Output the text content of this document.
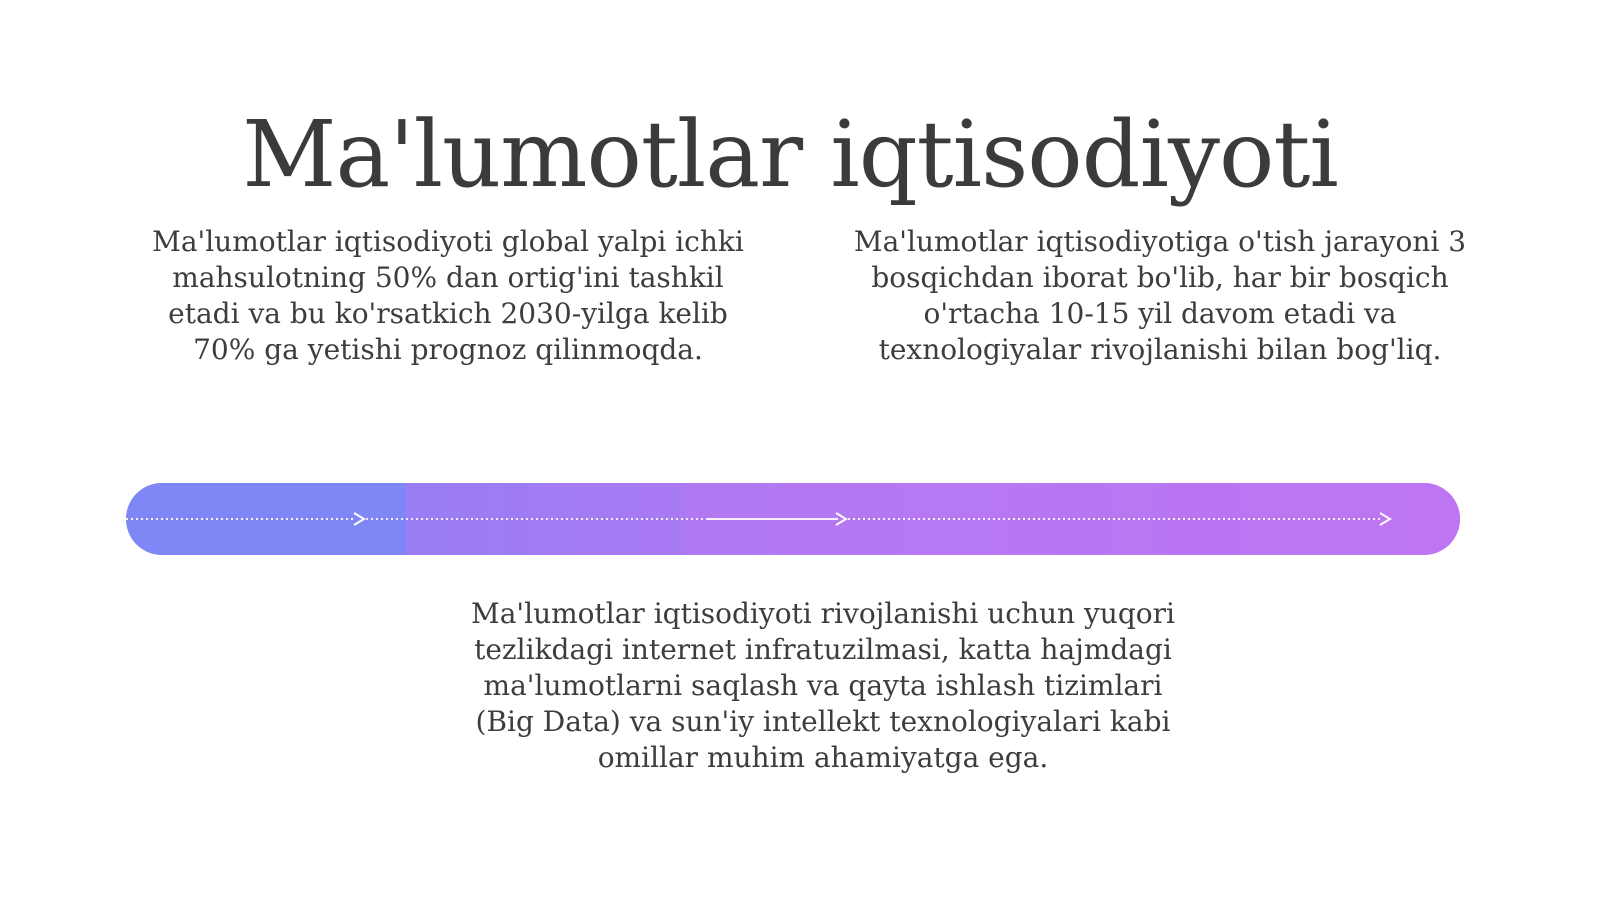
Ma'lumotlar iqtisodiyoti
Ma'lumotlar iqtisodiyoti global yalpi ichki mahsulotning 50% dan ortig'ini tashkil etadi va bu ko'rsatkich 2030-yilga kelib 70% ga yetishi prognoz qilinmoqda.
Ma'lumotlar iqtisodiyotiga o'tish jarayoni 3 bosqichdan iborat bo'lib, har bir bosqich o'rtacha 10-15 yil davom etadi va texnologiyalar rivojlanishi bilan bog'liq.
Ma'lumotlar iqtisodiyoti rivojlanishi uchun yuqori tezlikdagi internet infratuzilmasi, katta hajmdagi ma'lumotlarni saqlash va qayta ishlash tizimlari (Big Data) va sun'iy intellekt texnologiyalari kabi omillar muhim ahamiyatga ega.
